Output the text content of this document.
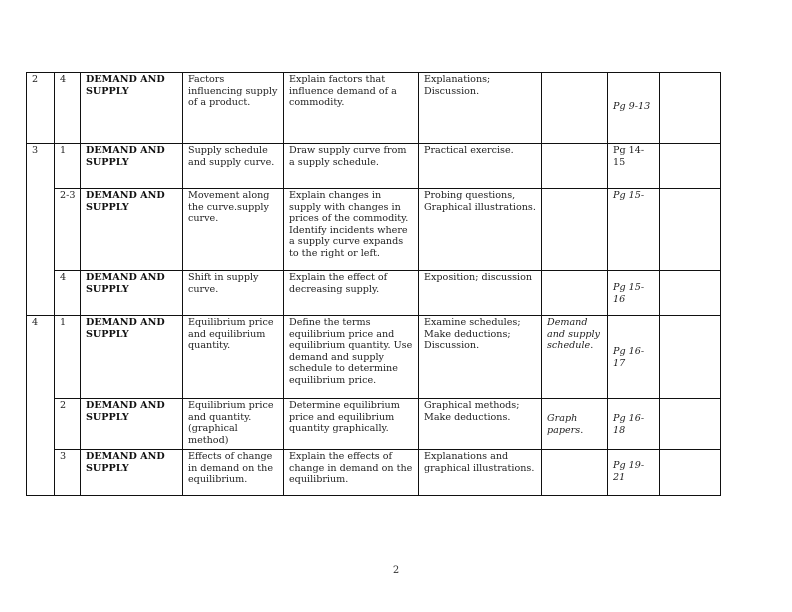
2	4	DEMAND AND SUPPLY	Factors influencing supply of a product.	Explain factors that influence demand of a commodity.	Explanations; Discussion.		Pg 9-13	
3	1	DEMAND AND SUPPLY	Supply schedule and supply curve.	Draw supply curve from a supply schedule.	Practical exercise.		Pg 14-15	
	2-3	DEMAND AND SUPPLY	Movement along the curve.supply curve.	Explain changes in supply with changes in prices of the commodity. Identify incidents where a supply curve expands to the right or left.	Probing questions, Graphical illustrations.		Pg 15-	
	4	DEMAND AND SUPPLY	Shift in supply curve.	Explain the effect of decreasing supply.	Exposition; discussion		Pg 15-16	
4	1	DEMAND AND SUPPLY	Equilibrium price and equilibrium quantity.	Define the terms equilibrium price and equilibrium quantity. Use demand and supply schedule to determine equilibrium price.	Examine schedules; Make deductions; Discussion.	Demand and supply schedule.	Pg 16-17	
	2	DEMAND AND SUPPLY	Equilibrium price and quantity. (graphical method)	Determine equilibrium price and equilibrium quantity graphically.	Graphical methods; Make deductions.	Graph papers.	Pg 16-18	
	3	DEMAND AND SUPPLY	Effects of change in demand on the equilibrium.	Explain the effects of change in demand on the equilibrium.	Explanations and graphical illustrations.		Pg 19-21	
2
